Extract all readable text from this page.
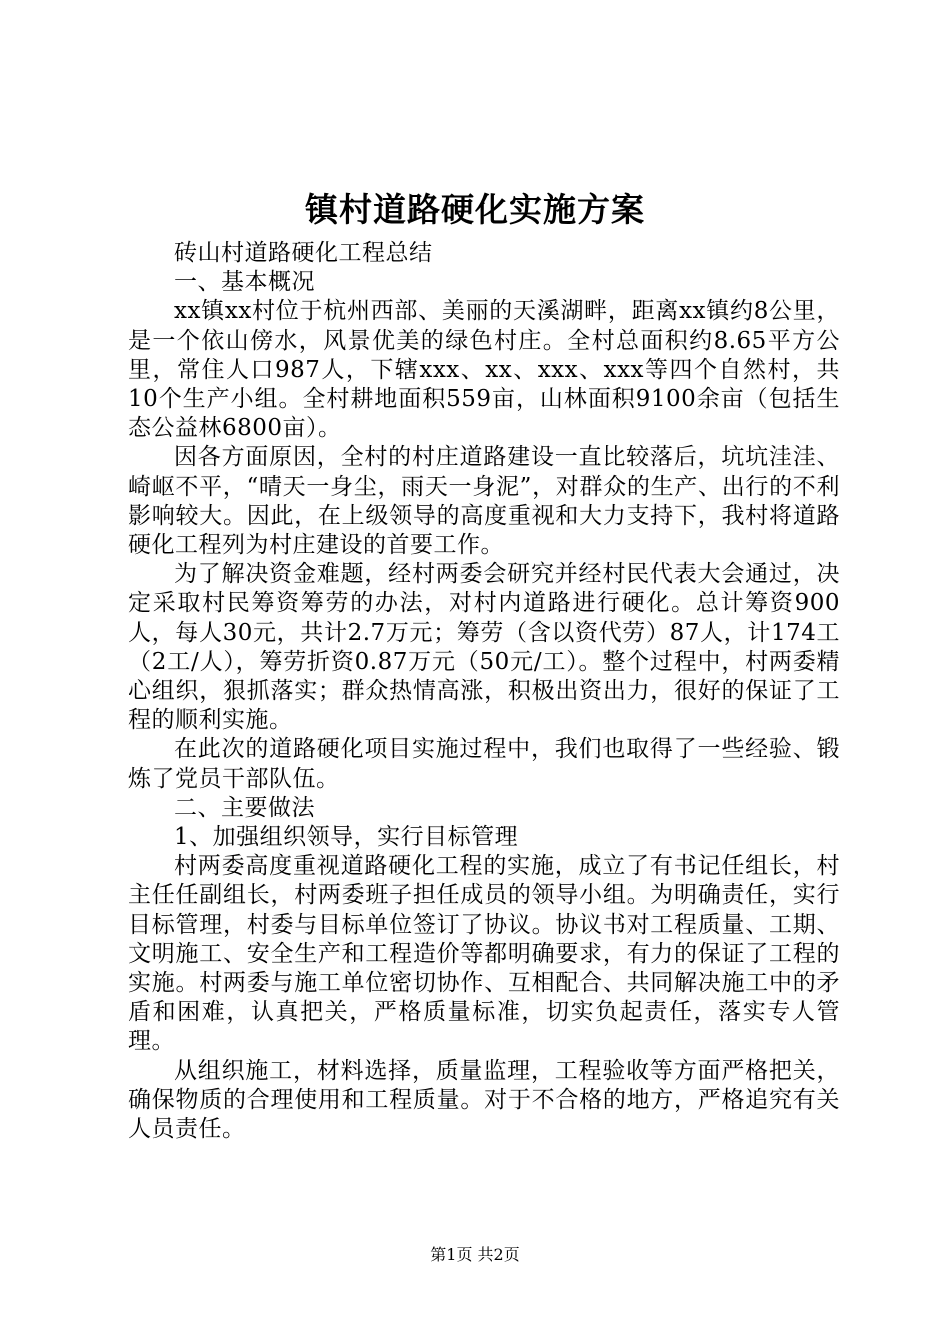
镇村道路硬化实施方案

砖山村道路硬化工程总结

一、基本概况

xx镇xx村位于杭州西部、美丽的天溪湖畔，距离xx镇约8公里，是一个依山傍水，风景优美的绿色村庄。全村总面积约8.65平方公里，常住人口987人，下辖xxx、xx、xxx、xxx等四个自然村，共10个生产小组。全村耕地面积559亩，山林面积9100余亩（包括生态公益林6800亩）。

因各方面原因，全村的村庄道路建设一直比较落后，坑坑洼洼、崎岖不平，“晴天一身尘，雨天一身泥”，对群众的生产、出行的不利影响较大。因此，在上级领导的高度重视和大力支持下，我村将道路硬化工程列为村庄建设的首要工作。

为了解决资金难题，经村两委会研究并经村民代表大会通过，决定采取村民筹资筹劳的办法，对村内道路进行硬化。总计筹资900人，每人30元，共计2.7万元；筹劳（含以资代劳）87人，计174工（2工/人），筹劳折资0.87万元（50元/工）。整个过程中，村两委精心组织，狠抓落实；群众热情高涨，积极出资出力，很好的保证了工程的顺利实施。

在此次的道路硬化项目实施过程中，我们也取得了一些经验、锻炼了党员干部队伍。

二、主要做法

1、加强组织领导，实行目标管理

村两委高度重视道路硬化工程的实施，成立了有书记任组长，村主任任副组长，村两委班子担任成员的领导小组。为明确责任，实行目标管理，村委与目标单位签订了协议。协议书对工程质量、工期、文明施工、安全生产和工程造价等都明确要求，有力的保证了工程的实施。村两委与施工单位密切协作、互相配合、共同解决施工中的矛盾和困难，认真把关，严格质量标准，切实负起责任，落实专人管理。

从组织施工，材料选择，质量监理，工程验收等方面严格把关，确保物质的合理使用和工程质量。对于不合格的地方，严格追究有关人员责任。

第1页 共2页
